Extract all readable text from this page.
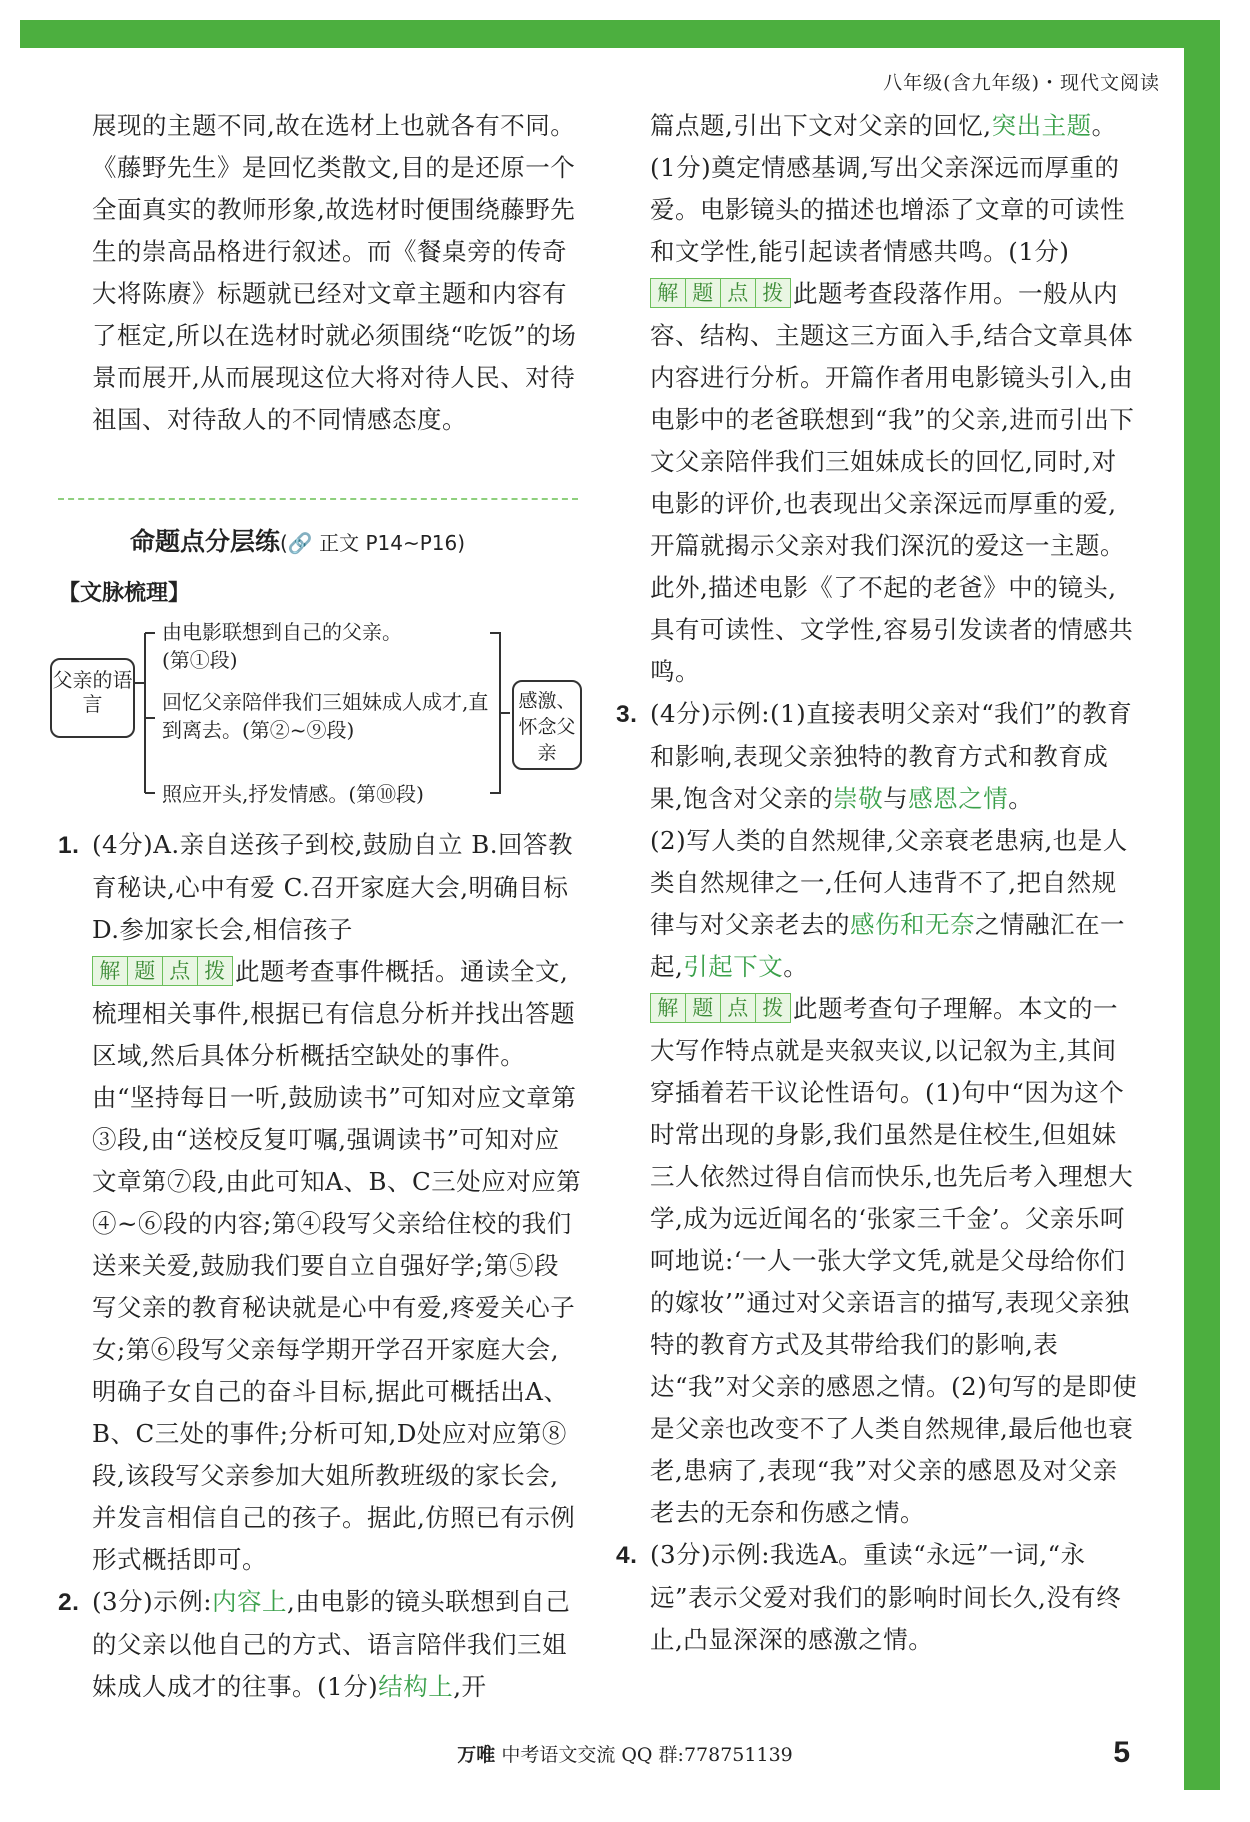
八年级(含九年级)・现代文阅读

展现的主题不同,故在选材上也就各有不同。《藤野先生》是回忆类散文,目的是还原一个全面真实的教师形象,故选材时便围绕藤野先生的崇高品格进行叙述。而《餐桌旁的传奇大将陈赓》标题就已经对文章主题和内容有了框定,所以在选材时就必须围绕“吃饭”的场景而展开,从而展现这位大将对待人民、对待祖国、对待敌人的不同情感态度。

命题点分层练(🔗 正文 P14~P16)
【文脉梳理】
父亲的语言
由电影联想到自己的父亲。
(第①段)
回忆父亲陪伴我们三姐妹成人成才,直到离去。(第②~⑨段)
照应开头,抒发情感。(第⑩段)
感激、怀念父亲

1. (4分)A.亲自送孩子到校,鼓励自立 B.回答教育秘诀,心中有爱 C.召开家庭大会,明确目标 D.参加家长会,相信孩子

解 题 点 拨 此题考查事件概括。通读全文,梳理相关事件,根据已有信息分析并找出答题区域,然后具体分析概括空缺处的事件。由“坚持每日一听,鼓励读书”可知对应文章第③段,由“送校反复叮嘱,强调读书”可知对应文章第⑦段,由此可知A、B、C三处应对应第④~⑥段的内容;第④段写父亲给住校的我们送来关爱,鼓励我们要自立自强好学;第⑤段写父亲的教育秘诀就是心中有爱,疼爱关心子女;第⑥段写父亲每学期开学召开家庭大会,明确子女自己的奋斗目标,据此可概括出A、B、C三处的事件;分析可知,D处应对应第⑧段,该段写父亲参加大姐所教班级的家长会,并发言相信自己的孩子。据此,仿照已有示例形式概括即可。

2. (3分)示例:内容上,由电影的镜头联想到自己的父亲以他自己的方式、语言陪伴我们三姐妹成人成才的往事。(1分)结构上,开

篇点题,引出下文对父亲的回忆,突出主题。(1分)奠定情感基调,写出父亲深远而厚重的爱。电影镜头的描述也增添了文章的可读性和文学性,能引起读者情感共鸣。(1分)

解 题 点 拨 此题考查段落作用。一般从内容、结构、主题这三方面入手,结合文章具体内容进行分析。开篇作者用电影镜头引入,由电影中的老爸联想到“我”的父亲,进而引出下文父亲陪伴我们三姐妹成长的回忆,同时,对电影的评价,也表现出父亲深远而厚重的爱,开篇就揭示父亲对我们深沉的爱这一主题。此外,描述电影《了不起的老爸》中的镜头,具有可读性、文学性,容易引发读者的情感共鸣。

3. (4分)示例:(1)直接表明父亲对“我们”的教育和影响,表现父亲独特的教育方式和教育成果,饱含对父亲的崇敬与感恩之情。

(2)写人类的自然规律,父亲衰老患病,也是人类自然规律之一,任何人违背不了,把自然规律与对父亲老去的感伤和无奈之情融汇在一起,引起下文。

解 题 点 拨 此题考查句子理解。本文的一大写作特点就是夹叙夹议,以记叙为主,其间穿插着若干议论性语句。(1)句中“因为这个时常出现的身影,我们虽然是住校生,但姐妹三人依然过得自信而快乐,也先后考入理想大学,成为远近闻名的‘张家三千金’。父亲乐呵呵地说:‘一人一张大学文凭,就是父母给你们的嫁妆’”通过对父亲语言的描写,表现父亲独特的教育方式及其带给我们的影响,表达“我”对父亲的感恩之情。(2)句写的是即使是父亲也改变不了人类自然规律,最后他也衰老,患病了,表现“我”对父亲的感恩及对父亲老去的无奈和伤感之情。

4. (3分)示例:我选A。重读“永远”一词,“永远”表示父爱对我们的影响时间长久,没有终止,凸显深深的感激之情。

万唯 中考语文交流 QQ 群:778751139	5
